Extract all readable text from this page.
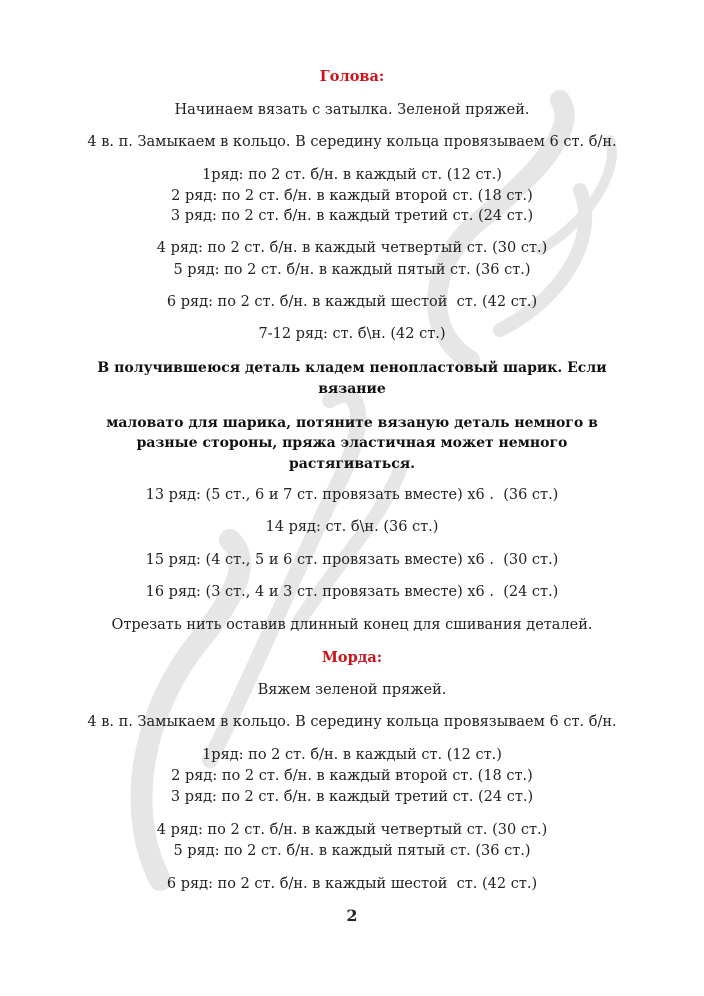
Голова:
Начинаем вязать с затылка. Зеленой пряжей.
4 в. п. Замыкаем в кольцо. В середину кольца провязываем 6 ст. б/н.
1ряд: по 2 ст. б/н. в каждый ст. (12 ст.)
2 ряд: по 2 ст. б/н. в каждый второй ст. (18 ст.)
3 ряд: по 2 ст. б/н. в каждый третий ст. (24 ст.)
4 ряд: по 2 ст. б/н. в каждый четвертый ст. (30 ст.)
5 ряд: по 2 ст. б/н. в каждый пятый ст. (36 ст.)
6 ряд: по 2 ст. б/н. в каждый шестой  ст. (42 ст.)
7-12 ряд: ст. б\н. (42 ст.)
В получившеюся деталь кладем пенопластовый шарик. Если
вязание
маловато для шарика, потяните вязаную деталь немного в
разные стороны, пряжа эластичная может немного
растягиваться.
13 ряд: (5 ст., 6 и 7 ст. провязать вместе) х6 .  (36 ст.)
14 ряд: ст. б\н. (36 ст.)
15 ряд: (4 ст., 5 и 6 ст. провязать вместе) х6 .  (30 ст.)
16 ряд: (3 ст., 4 и 3 ст. провязать вместе) х6 .  (24 ст.)
Отрезать нить оставив длинный конец для сшивания деталей.
Морда:
Вяжем зеленой пряжей.
4 в. п. Замыкаем в кольцо. В середину кольца провязываем 6 ст. б/н.
1ряд: по 2 ст. б/н. в каждый ст. (12 ст.)
2 ряд: по 2 ст. б/н. в каждый второй ст. (18 ст.)
3 ряд: по 2 ст. б/н. в каждый третий ст. (24 ст.)
4 ряд: по 2 ст. б/н. в каждый четвертый ст. (30 ст.)
5 ряд: по 2 ст. б/н. в каждый пятый ст. (36 ст.)
6 ряд: по 2 ст. б/н. в каждый шестой  ст. (42 ст.)
2
